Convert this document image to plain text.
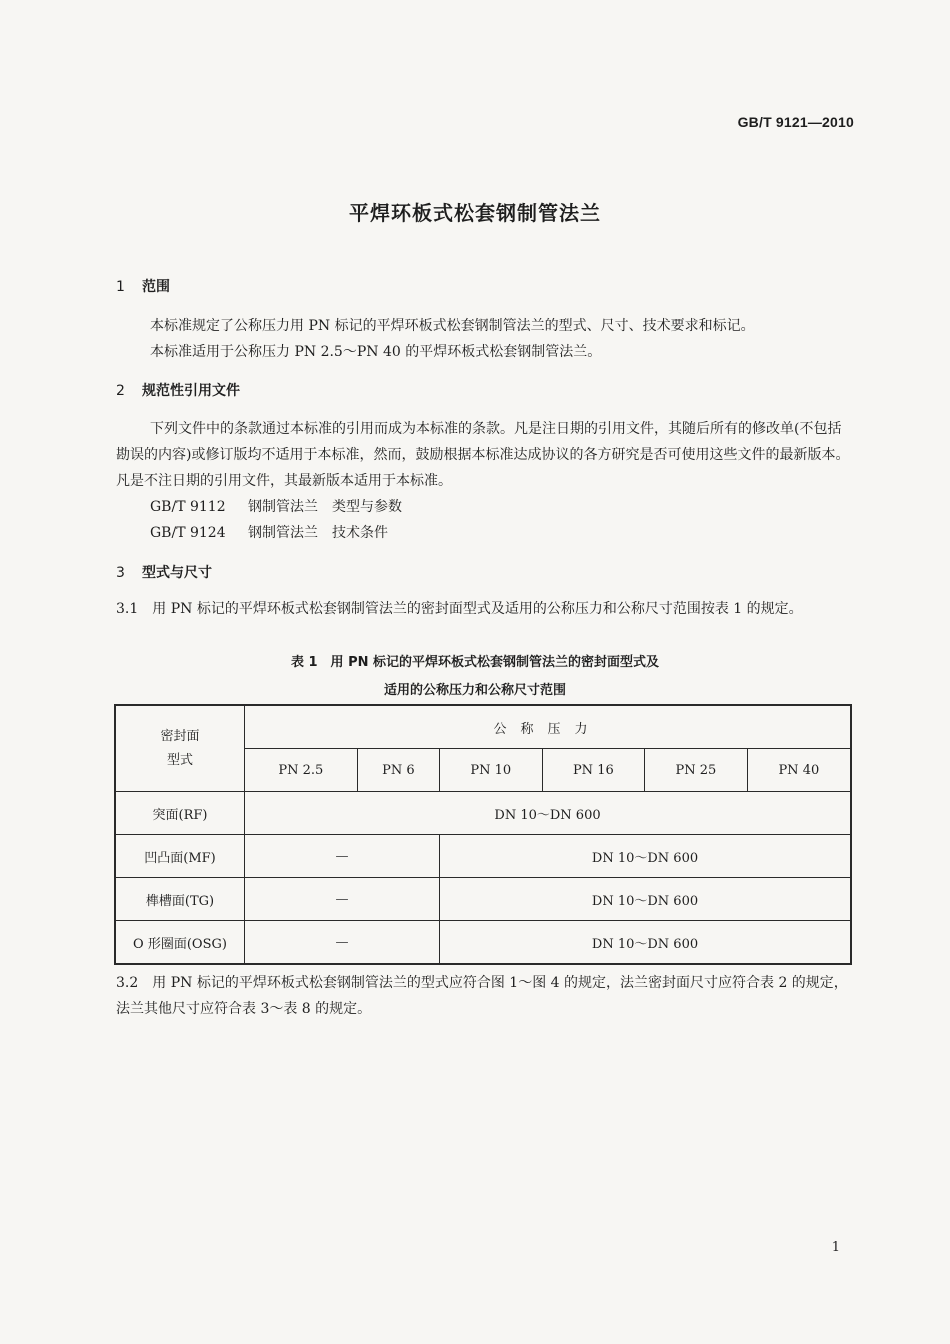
GB/T 9121—2010
平焊环板式松套钢制管法兰
1 范围

本标准规定了公称压力用 PN 标记的平焊环板式松套钢制管法兰的型式、尺寸、技术要求和标记。

本标准适用于公称压力 PN 2.5～PN 40 的平焊环板式松套钢制管法兰。

2 规范性引用文件

下列文件中的条款通过本标准的引用而成为本标准的条款。凡是注日期的引用文件，其随后所有的修改单(不包括勘误的内容)或修订版均不适用于本标准，然而，鼓励根据本标准达成协议的各方研究是否可使用这些文件的最新版本。凡是不注日期的引用文件，其最新版本适用于本标准。

GB/T 9112 钢制管法兰　类型与参数
GB/T 9124 钢制管法兰　技术条件
3 型式与尺寸

3.1　用 PN 标记的平焊环板式松套钢制管法兰的密封面型式及适用的公称压力和公称尺寸范围按表 1 的规定。

表 1　用 PN 标记的平焊环板式松套钢制管法兰的密封面型式及
适用的公称压力和公称尺寸范围
密封面
型式	公称压力					
	PN 2.5	PN 6	PN 10	PN 16	PN 25	PN 40
突面(RF)	DN 10～DN 600					
凹凸面(MF)	—		DN 10～DN 600			
榫槽面(TG)	—		DN 10～DN 600			
O 形圈面(OSG)	—		DN 10～DN 600			

3.2　用 PN 标记的平焊环板式松套钢制管法兰的型式应符合图 1～图 4 的规定，法兰密封面尺寸应符合表 2 的规定，法兰其他尺寸应符合表 3～表 8 的规定。

1
